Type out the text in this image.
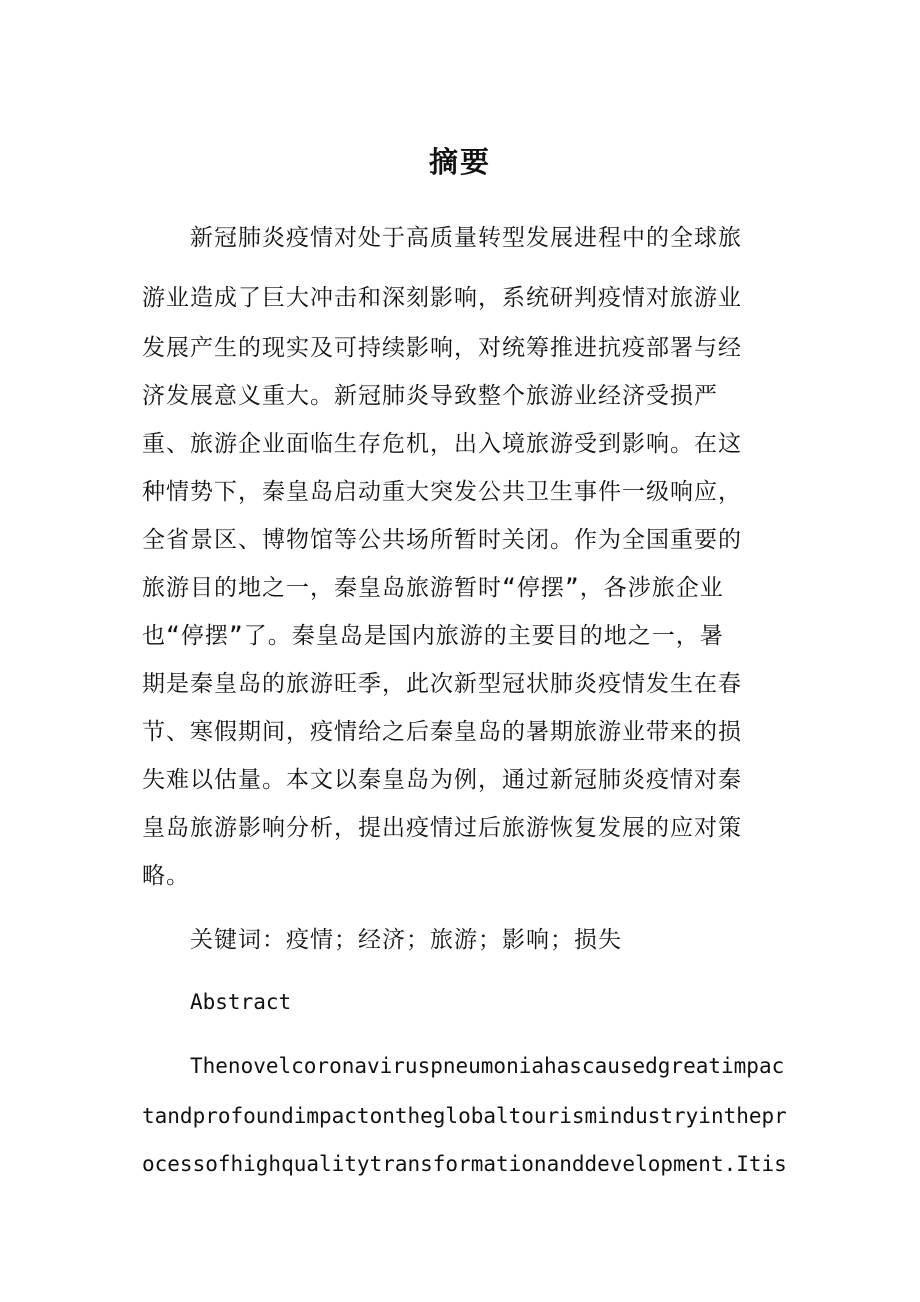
摘要
新冠肺炎疫情对处于高质量转型发展进程中的全球旅
游业造成了巨大冲击和深刻影响，系统研判疫情对旅游业
发展产生的现实及可持续影响，对统筹推进抗疫部署与经
济发展意义重大。新冠肺炎导致整个旅游业经济受损严
重、旅游企业面临生存危机，出入境旅游受到影响。在这
种情势下，秦皇岛启动重大突发公共卫生事件一级响应，
全省景区、博物馆等公共场所暂时关闭。作为全国重要的
旅游目的地之一，秦皇岛旅游暂时“停摆”，各涉旅企业
也“停摆”了。秦皇岛是国内旅游的主要目的地之一，暑
期是秦皇岛的旅游旺季，此次新型冠状肺炎疫情发生在春
节、寒假期间，疫情给之后秦皇岛的暑期旅游业带来的损
失难以估量。本文以秦皇岛为例，通过新冠肺炎疫情对秦
皇岛旅游影响分析，提出疫情过后旅游恢复发展的应对策
略。
关键词：疫情；经济；旅游；影响；损失
Abstract
Thenovelcoronaviruspneumoniahascausedgreatimpac
tandprofoundimpactontheglobaltourismindustryinthepr
ocessofhighqualitytransformationanddevelopment.Itis
